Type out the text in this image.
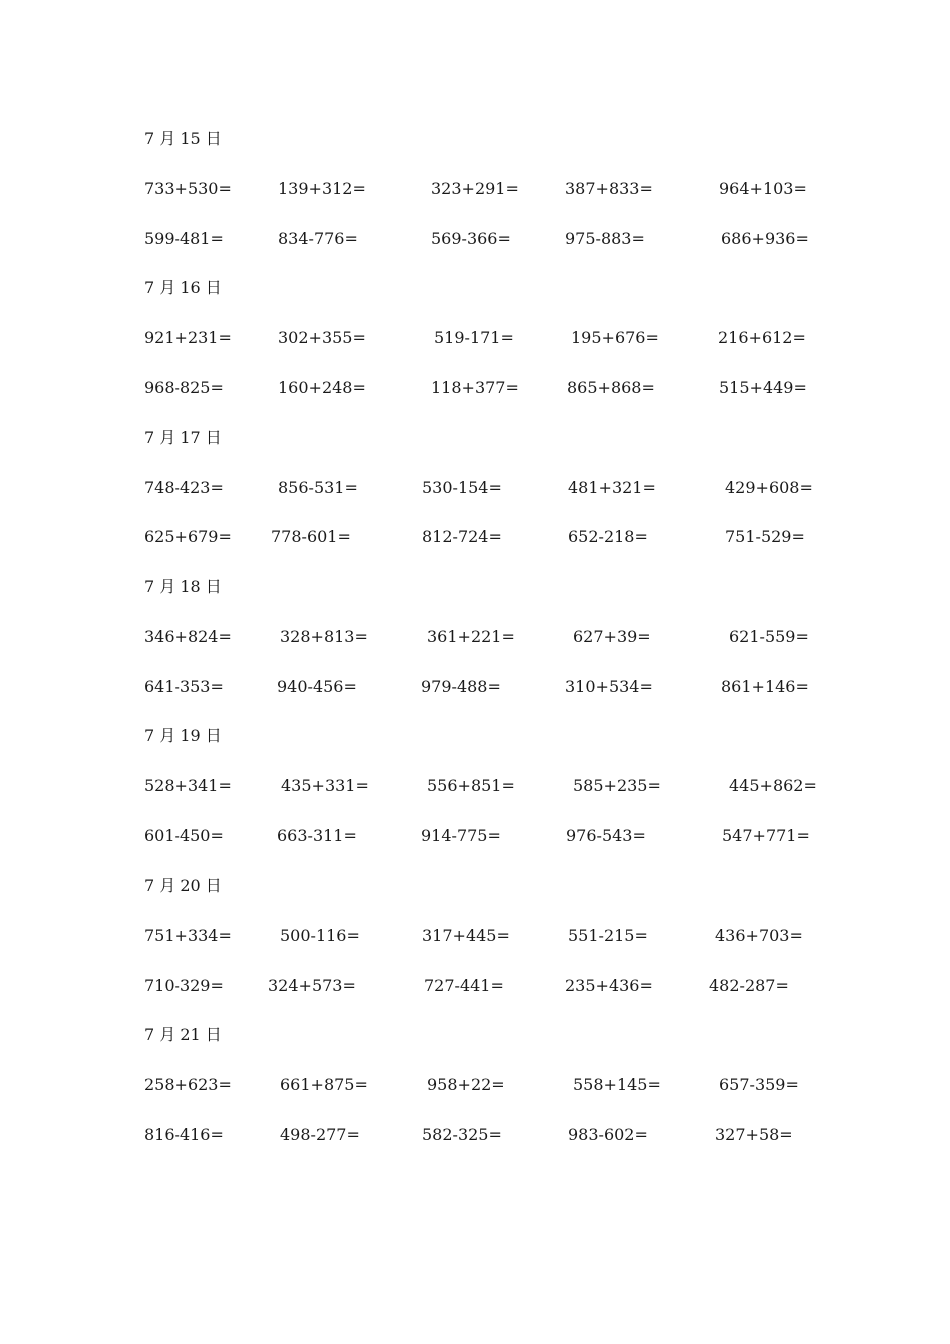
7 月 15 日
733+530=	139+312=	323+291=	387+833=	964+103=
599-481=	834-776=	569-366=	975-883=	686+936=
7 月 16 日
921+231=	302+355=	519-171=	195+676=	216+612=
968-825=	160+248=	118+377=	865+868=	515+449=
7 月 17 日
748-423=	856-531=	530-154=	481+321=	429+608=
625+679= 778-601=	812-724=	652-218=	751-529=
7 月 18 日
346+824=	328+813=	361+221=	627+39=	621-559=
641-353=	940-456=	979-488=	310+534=	861+146=
7 月 19 日
528+341=	435+331=	556+851=	585+235=	445+862=
601-450=	663-311=	914-775=	976-543=	547+771=
7 月 20 日
751+334=	500-116=	317+445=	551-215=	436+703=
710-329=	324+573=	727-441=	235+436=	482-287=
7 月 21 日
258+623=	661+875=	958+22=	558+145=	657-359=
816-416=	498-277=	582-325=	983-602=	327+58=
